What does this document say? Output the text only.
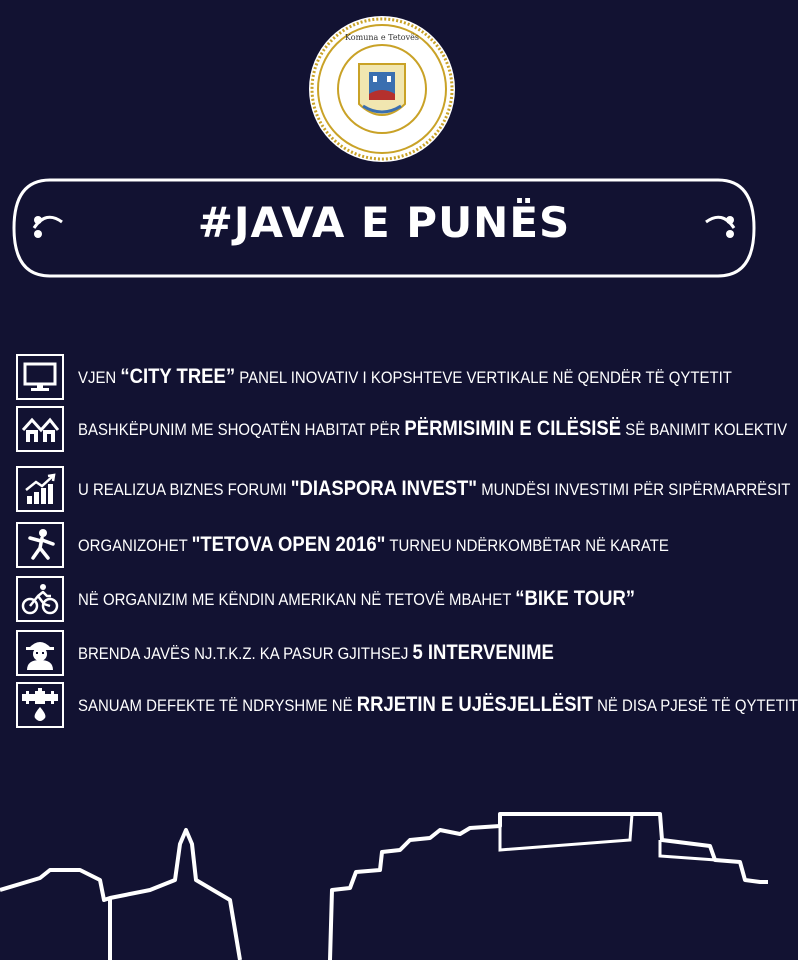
Komuna e Tetovës
#JAVA E PUNËS
VJEN “CITY TREE” PANEL INOVATIV I KOPSHTEVE VERTIKALE NË QENDËR TË QYTETIT
BASHKËPUNIM ME SHOQATËN HABITAT PËR PËRMISIMIN E CILËSISË SË BANIMIT KOLEKTIV
U REALIZUA BIZNES FORUMI "DIASPORA INVEST" MUNDËSI INVESTIMI PËR SIPËRMARRËSIT
ORGANIZOHET "TETOVA OPEN 2016" TURNEU NDËRKOMBËTAR NË KARATE
NË ORGANIZIM ME KËNDIN AMERIKAN NË TETOVË MBAHET “BIKE TOUR”
BRENDA JAVËS NJ.T.K.Z. KA PASUR GJITHSEJ 5 INTERVENIME
SANUAM DEFEKTE TË NDRYSHME NË RRJETIN E UJËSJELLËSIT NË DISA PJESË TË QYTETIT
